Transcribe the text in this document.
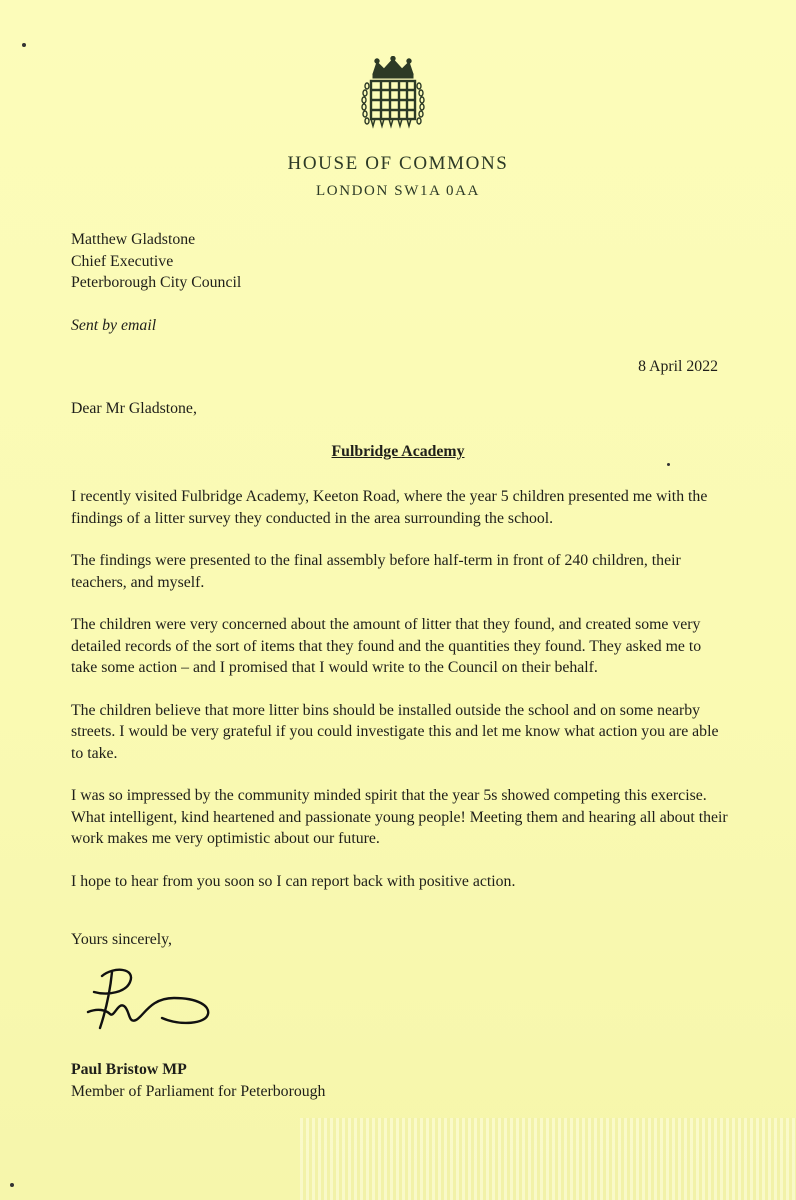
HOUSE OF COMMONS
LONDON SW1A 0AA
Matthew Gladstone
Chief Executive
Peterborough City Council
Sent by email
8 April 2022
Dear Mr Gladstone,
Fulbridge Academy

I recently visited Fulbridge Academy, Keeton Road, where the year 5 children presented me with the findings of a litter survey they conducted in the area surrounding the school.

The findings were presented to the final assembly before half-term in front of 240 children, their teachers, and myself.

The children were very concerned about the amount of litter that they found, and created some very detailed records of the sort of items that they found and the quantities they found. They asked me to take some action – and I promised that I would write to the Council on their behalf.

The children believe that more litter bins should be installed outside the school and on some nearby streets. I would be very grateful if you could investigate this and let me know what action you are able to take.

I was so impressed by the community minded spirit that the year 5s showed competing this exercise. What intelligent, kind heartened and passionate young people! Meeting them and hearing all about their work makes me very optimistic about our future.

I hope to hear from you soon so I can report back with positive action.

Yours sincerely,
Paul Bristow MP
Member of Parliament for Peterborough
